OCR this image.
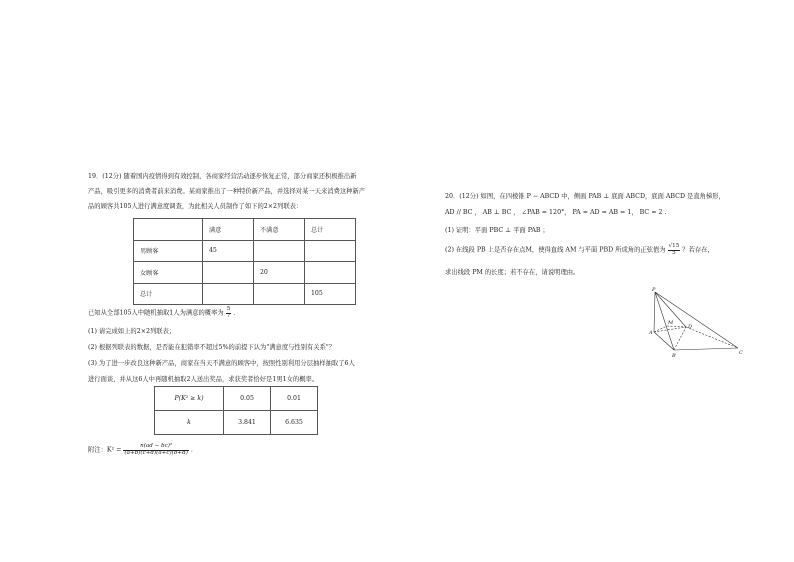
19．(12分) 随着国内疫情得到有效控制，各商家经营活动逐步恢复正常，部分商家还积极推出新
产品，吸引更多的消费者前来消费。某商家推出了一种特价新产品，并选择对某一天来消费这种新产
品的顾客共105人进行满意度调查，为此相关人员制作了如下的2×2列联表：
	满意	不满意	总计
男顾客	45		
女顾客		20	
总计			105
已知从全部105人中随机抽取1人为满意的概率为 $\frac{5}{7}$ ．
(1) 请完成如上的2×2列联表；
(2) 根据列联表的数据，是否能在犯错率不超过5%的前提下认为"满意度与性别有关系"？
(3) 为了进一步改良这种新产品，商家在当天不满意的顾客中，按照性别利用分层抽样抽取了6人
进行面谈，并从这6人中再随机抽取2人送出奖品，求获奖者恰好是1男1女的概率。
P(K² ≥ k)	0.05	0.01
k	3.841	6.635
附注：$K^2 = \frac{\text{n(ad − bc)²}}{(a+b)(c+d)(a+c)(b+d)}$ .
20．(12分) 如图，在四棱锥 P − ABCD 中，侧面 PAB ⊥ 底面 ABCD，底面 ABCD 是直角梯形，
AD // BC ， AB ⊥ BC ， ∠PAB = 120°， PA = AD = AB = 1， BC = 2 .
(1) 证明：平面 PBC ⊥ 平面 PAB ；
(2) 在线段 PB 上是否存在点M，使得直线 AM 与平面 PBD 所成角的正弦值为 $\frac{√15}{5}$ ？若存在，
求出线段 PM 的长度；若不存在，请说明理由。
P
A
B	C
D
M
